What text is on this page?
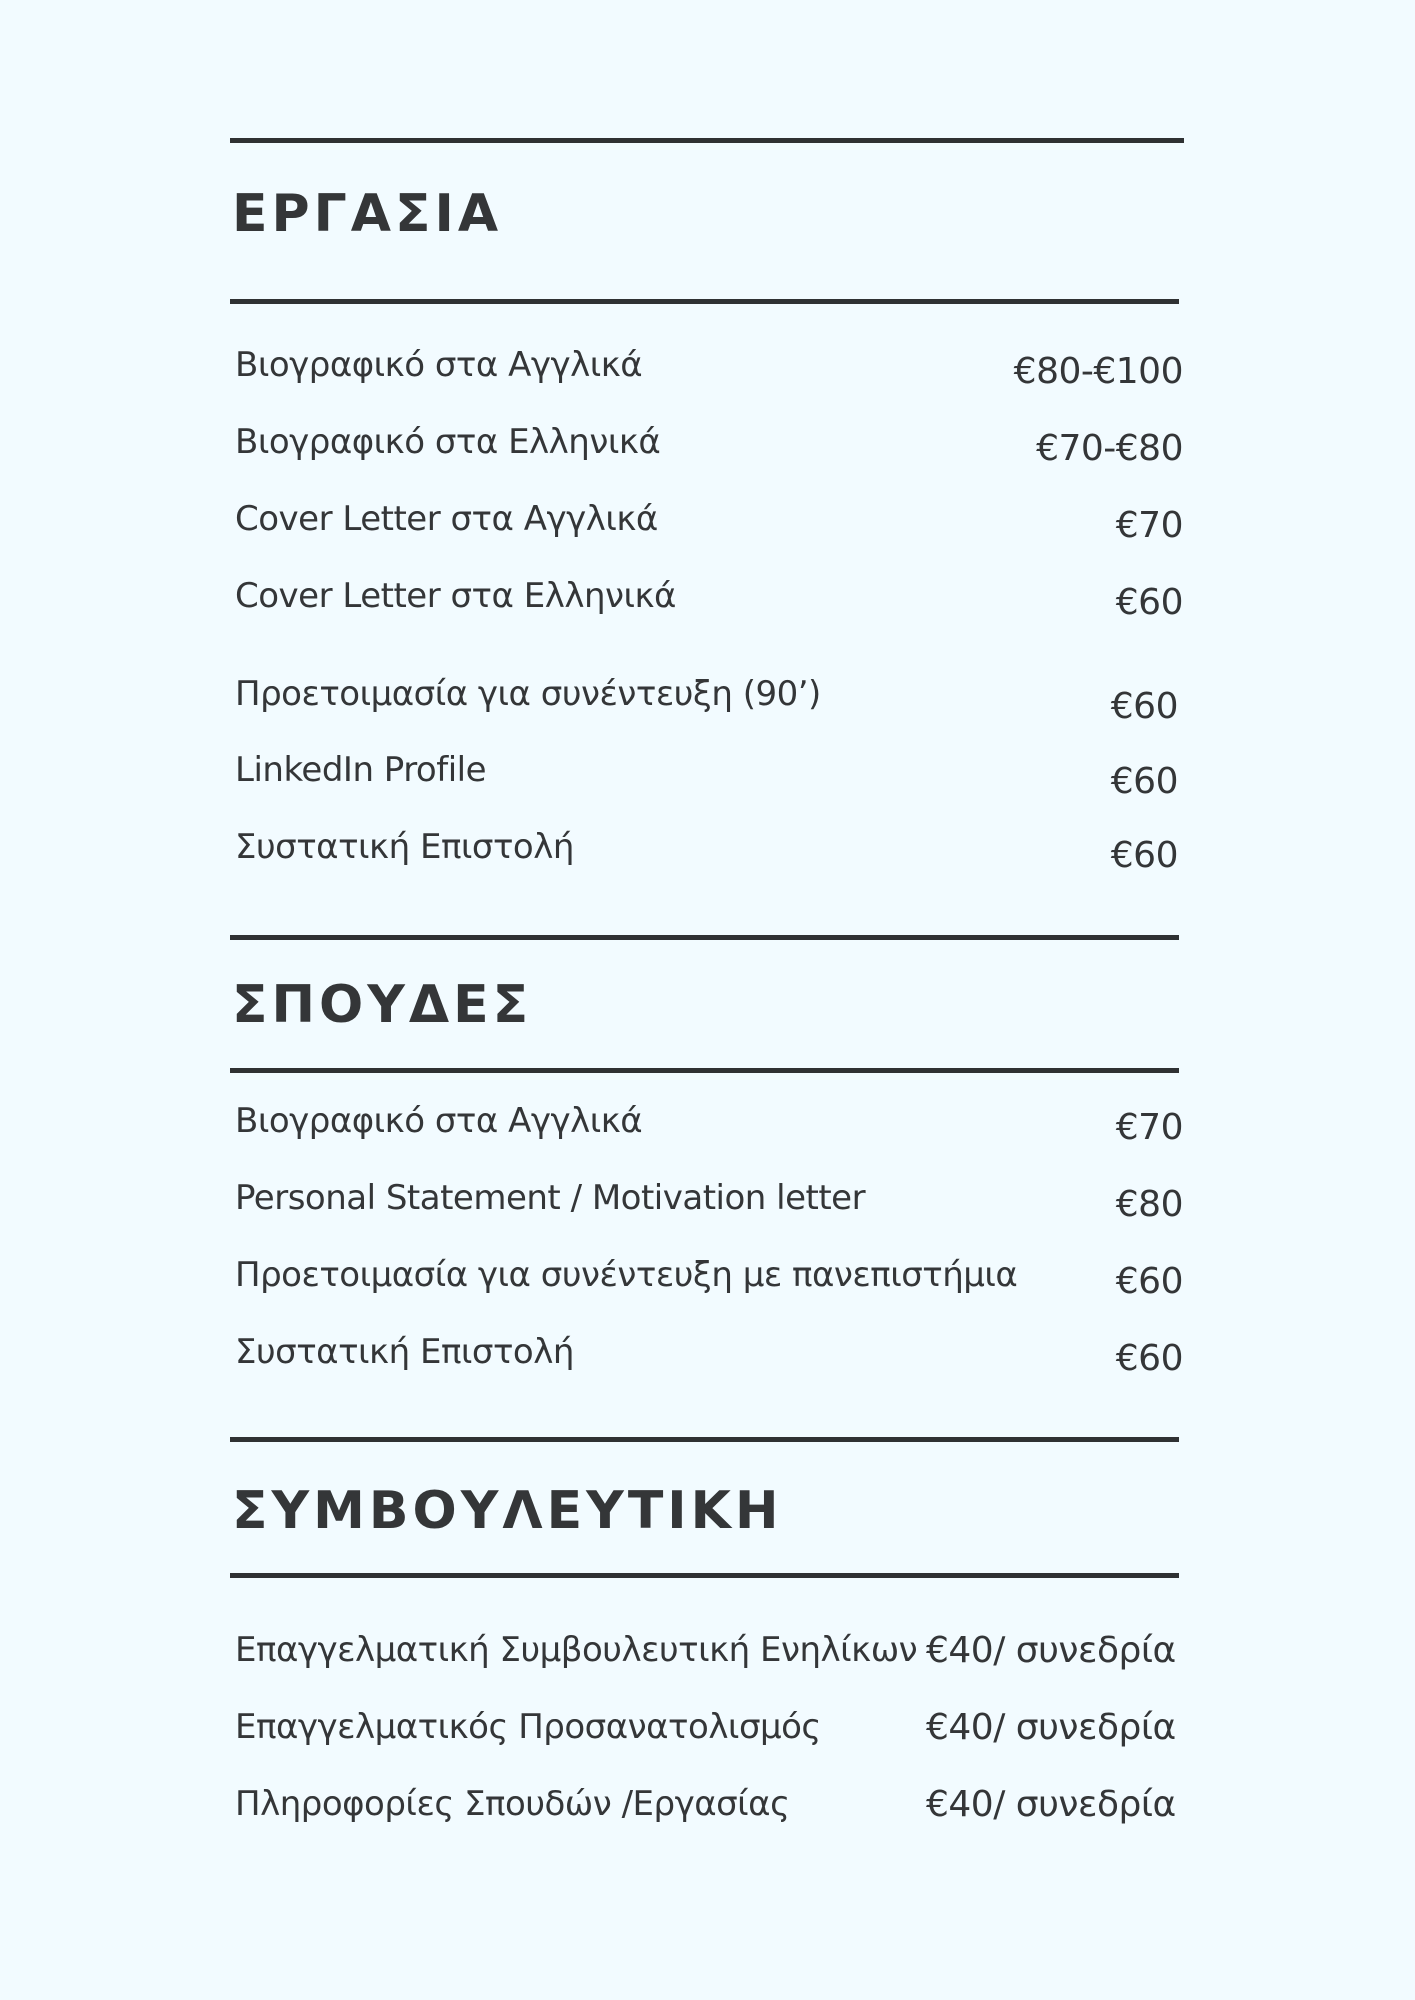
ΕΡΓΑΣΙΑ
Βιογραφικό στα Αγγλικά	€80-€100
Βιογραφικό στα Ελληνικά	€70-€80
Cover Letter στα Αγγλικά	€70
Cover Letter στα Ελληνικά	€60
Προετοιμασία για συνέντευξη (90’)	€60
LinkedIn Profile	€60
Συστατική Επιστολή	€60
ΣΠΟΥΔΕΣ
Βιογραφικό στα Αγγλικά	€70
Personal Statement / Motivation letter	€80
Προετοιμασία για συνέντευξη με πανεπιστήμια	€60
Συστατική Επιστολή	€60
ΣΥΜΒΟΥΛΕΥΤΙΚΗ
Επαγγελματική Συμβουλευτική Ενηλίκων €40/ συνεδρία
Επαγγελματικός Προσανατολισμός	€40/ συνεδρία
Πληροφορίες Σπουδών /Εργασίας	€40/ συνεδρία
